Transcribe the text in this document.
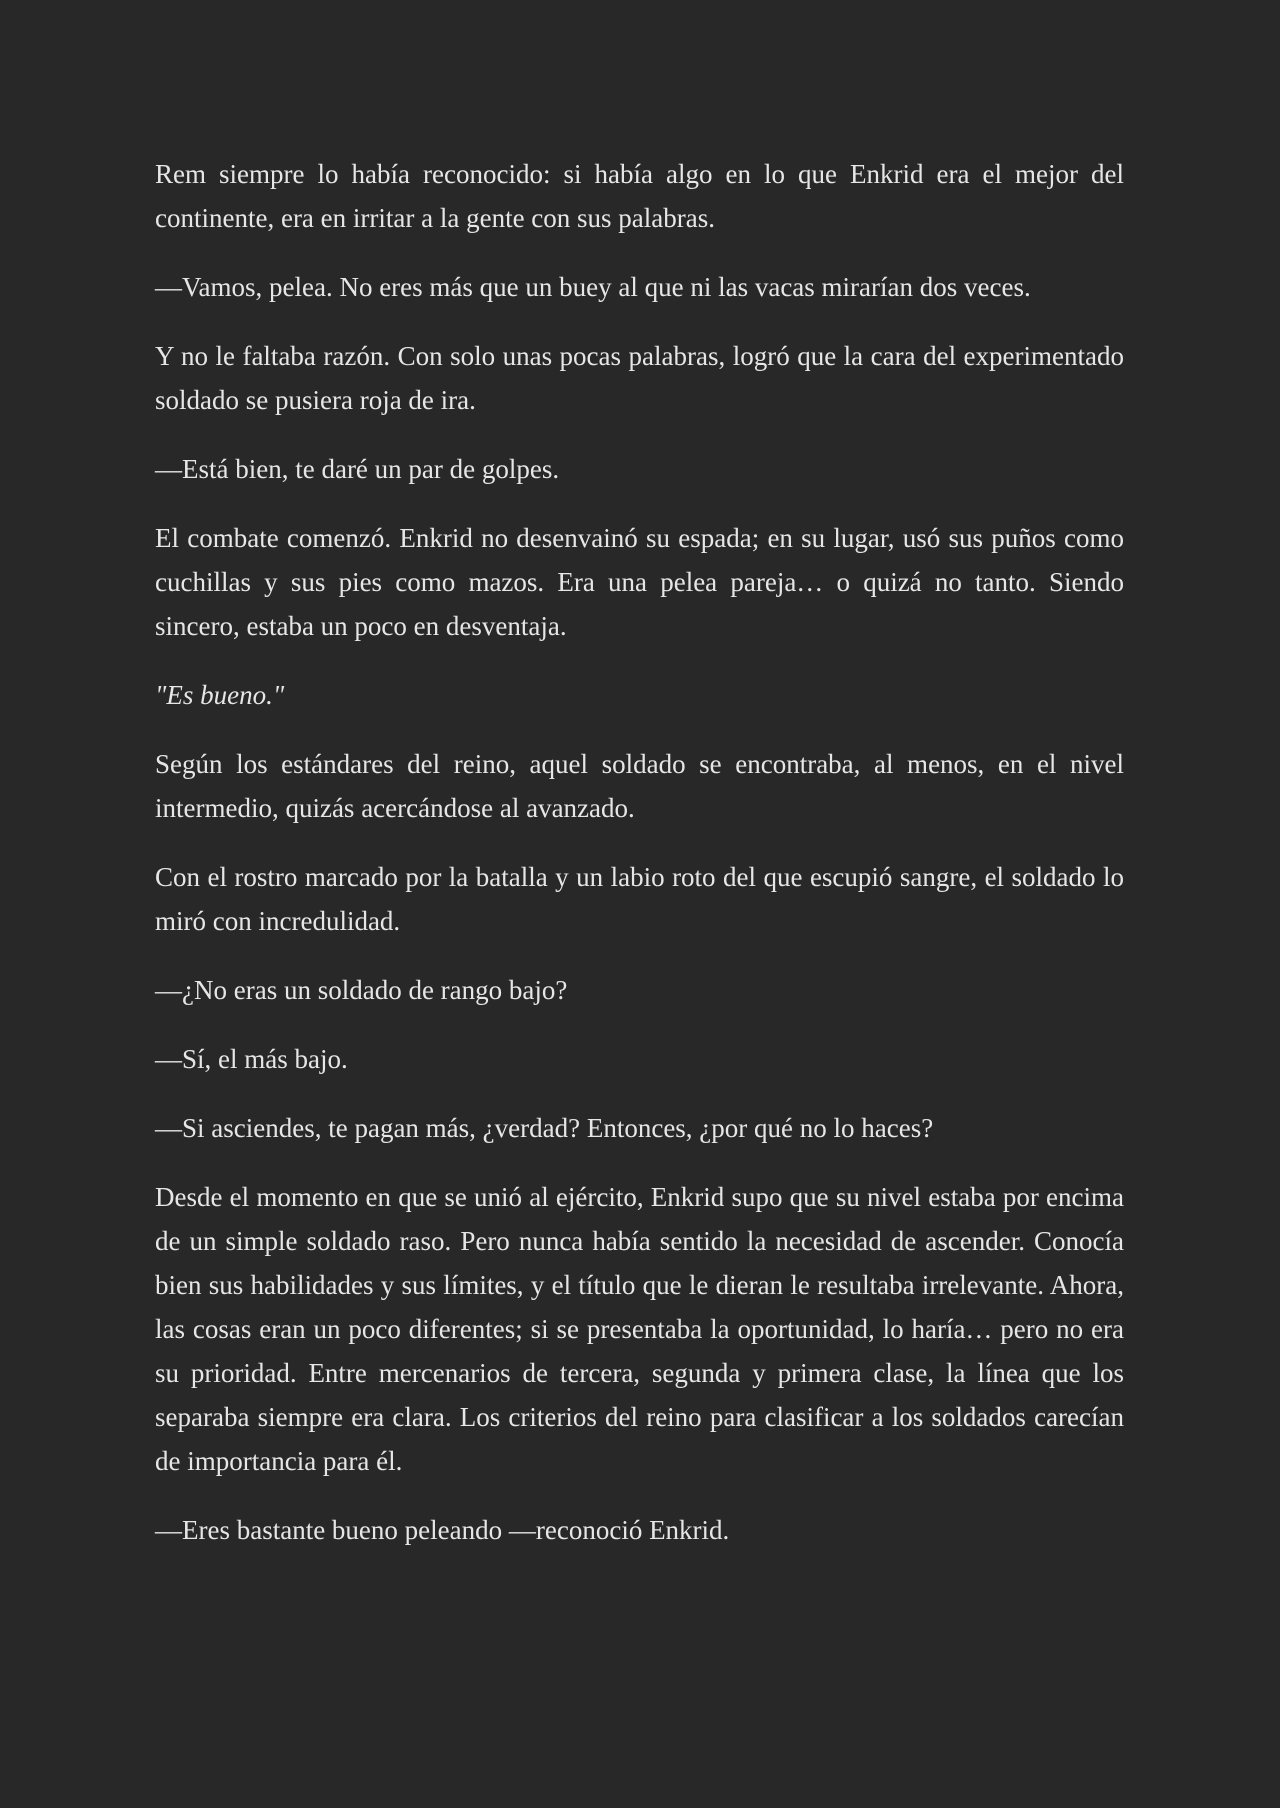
Rem siempre lo había reconocido: si había algo en lo que Enkrid era el mejor del continente, era en irritar a la gente con sus palabras.

—Vamos, pelea. No eres más que un buey al que ni las vacas mirarían dos veces.

Y no le faltaba razón. Con solo unas pocas palabras, logró que la cara del experimentado soldado se pusiera roja de ira.

—Está bien, te daré un par de golpes.

El combate comenzó. Enkrid no desenvainó su espada; en su lugar, usó sus puños como cuchillas y sus pies como mazos. Era una pelea pareja… o quizá no tanto. Siendo sincero, estaba un poco en desventaja.

"Es bueno."

Según los estándares del reino, aquel soldado se encontraba, al menos, en el nivel intermedio, quizás acercándose al avanzado.

Con el rostro marcado por la batalla y un labio roto del que escupió sangre, el soldado lo miró con incredulidad.

—¿No eras un soldado de rango bajo?

—Sí, el más bajo.

—Si asciendes, te pagan más, ¿verdad? Entonces, ¿por qué no lo haces?

Desde el momento en que se unió al ejército, Enkrid supo que su nivel estaba por encima de un simple soldado raso. Pero nunca había sentido la necesidad de ascender. Conocía bien sus habilidades y sus límites, y el título que le dieran le resultaba irrelevante. Ahora, las cosas eran un poco diferentes; si se presentaba la oportunidad, lo haría… pero no era su prioridad. Entre mercenarios de tercera, segunda y primera clase, la línea que los separaba siempre era clara. Los criterios del reino para clasificar a los soldados carecían de importancia para él.

—Eres bastante bueno peleando —reconoció Enkrid.
